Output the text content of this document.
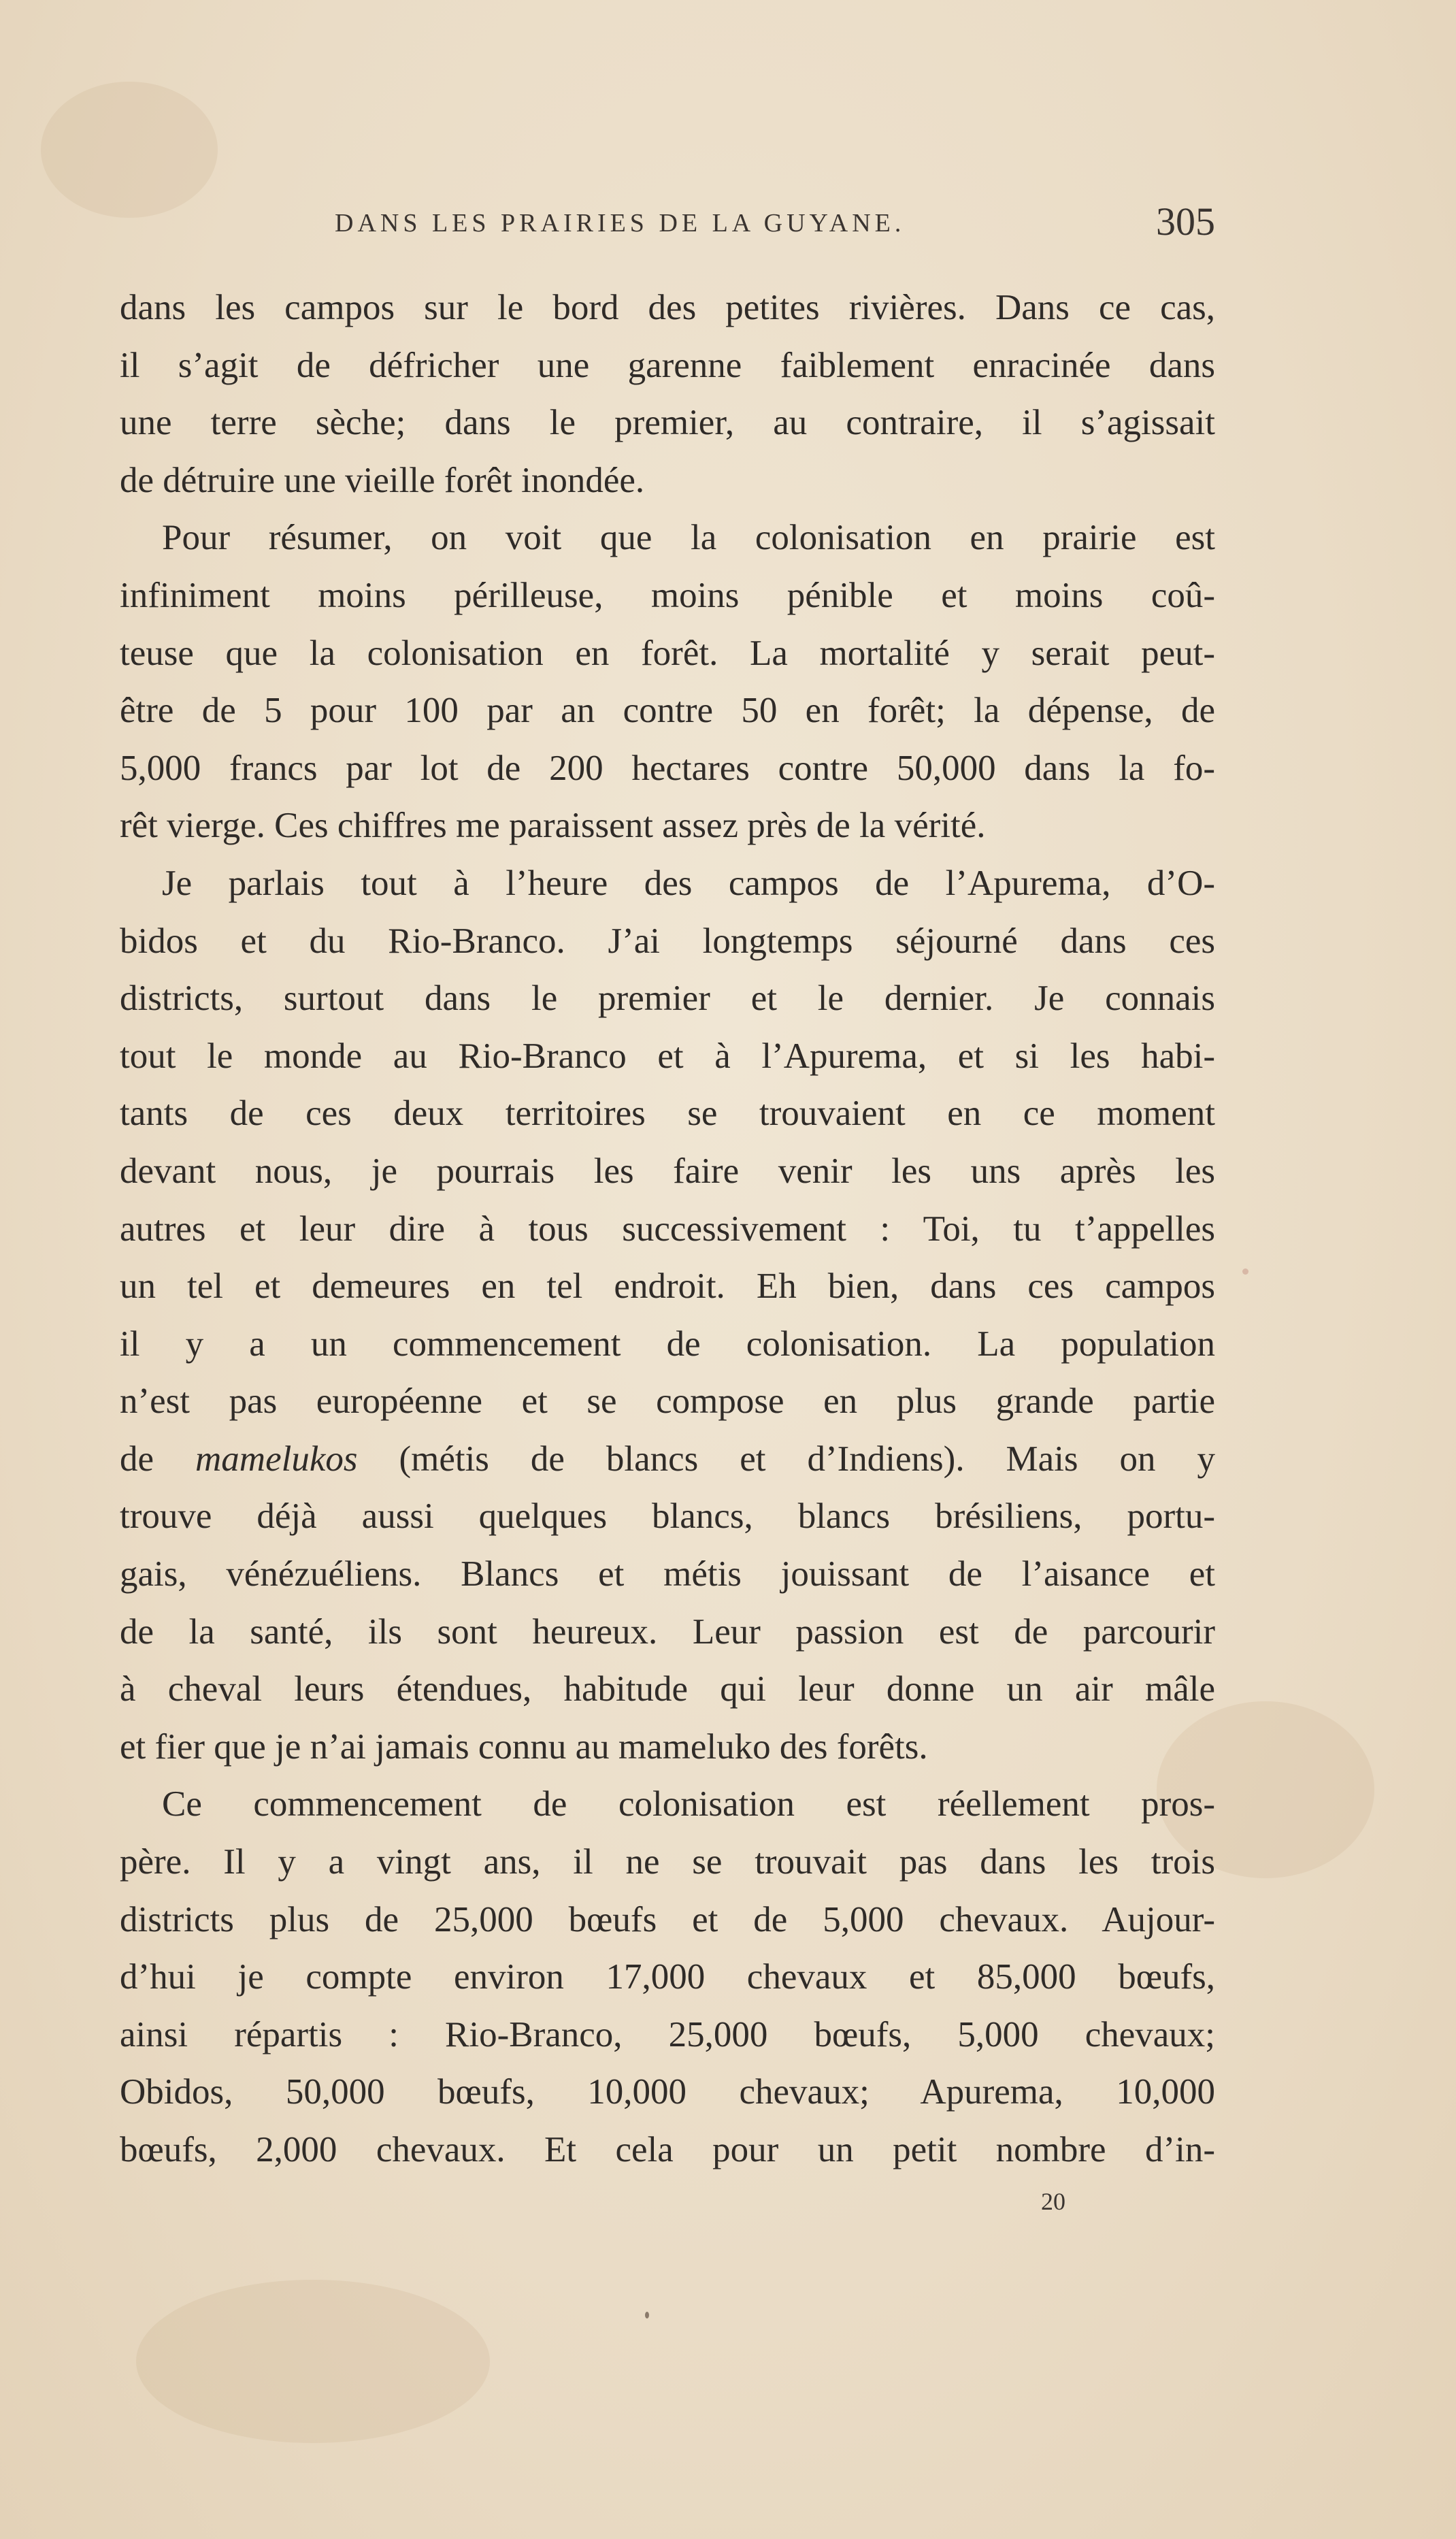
DANS LES PRAIRIES DE LA GUYANE.	305
dans les campos sur le bord des petites rivières. Dans ce cas,
il s’agit de défricher une garenne faiblement enracinée dans
une terre sèche; dans le premier, au contraire, il s’agissait
de détruire une vieille forêt inondée.
Pour résumer, on voit que la colonisation en prairie est
infiniment moins périlleuse, moins pénible et moins coû-
teuse que la colonisation en forêt. La mortalité y serait peut-
être de 5 pour 100 par an contre 50 en forêt; la dépense, de
5,000 francs par lot de 200 hectares contre 50,000 dans la fo-
rêt vierge. Ces chiffres me paraissent assez près de la vérité.
Je parlais tout à l’heure des campos de l’Apurema, d’O-
bidos et du Rio-Branco. J’ai longtemps séjourné dans ces
districts, surtout dans le premier et le dernier. Je connais
tout le monde au Rio-Branco et à l’Apurema, et si les habi-
tants de ces deux territoires se trouvaient en ce moment
devant nous, je pourrais les faire venir les uns après les
autres et leur dire à tous successivement : Toi, tu t’appelles
un tel et demeures en tel endroit. Eh bien, dans ces campos
il y a un commencement de colonisation. La population
n’est pas européenne et se compose en plus grande partie
de mamelukos (métis de blancs et d’Indiens). Mais on y
trouve déjà aussi quelques blancs, blancs brésiliens, portu-
gais, vénézuéliens. Blancs et métis jouissant de l’aisance et
de la santé, ils sont heureux. Leur passion est de parcourir
à cheval leurs étendues, habitude qui leur donne un air mâle
et fier que je n’ai jamais connu au mameluko des forêts.
Ce commencement de colonisation est réellement pros-
père. Il y a vingt ans, il ne se trouvait pas dans les trois
districts plus de 25,000 bœufs et de 5,000 chevaux. Aujour-
d’hui je compte environ 17,000 chevaux et 85,000 bœufs,
ainsi répartis : Rio-Branco, 25,000 bœufs, 5,000 chevaux;
Obidos, 50,000 bœufs, 10,000 chevaux; Apurema, 10,000
bœufs, 2,000 chevaux. Et cela pour un petit nombre d’in-
20
